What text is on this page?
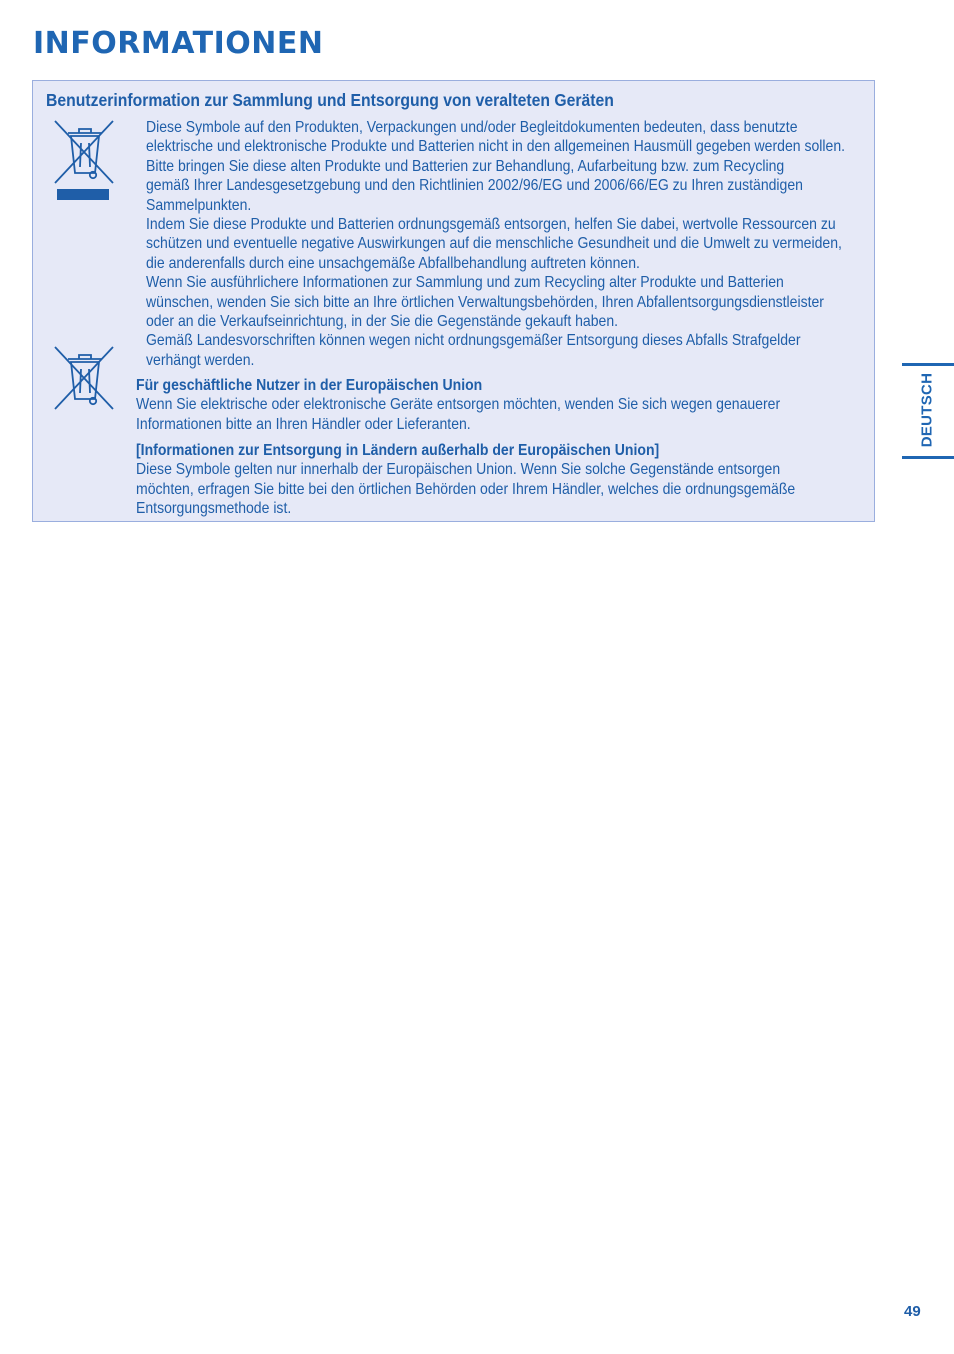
INFORMATIONEN
Benutzerinformation zur Sammlung und Entsorgung von veralteten Geräten

Diese Symbole auf den Produkten, Verpackungen und/oder Begleitdokumenten bedeuten, dass benutzte

elektrische und elektronische Produkte und Batterien nicht in den allgemeinen Hausmüll gegeben werden sollen.

Bitte bringen Sie diese alten Produkte und Batterien zur Behandlung, Aufarbeitung bzw. zum Recycling

gemäß Ihrer Landesgesetzgebung und den Richtlinien 2002/96/EG und 2006/66/EG zu Ihren zuständigen

Sammelpunkten.

Indem Sie diese Produkte und Batterien ordnungsgemäß entsorgen, helfen Sie dabei, wertvolle Ressourcen zu

schützen und eventuelle negative Auswirkungen auf die menschliche Gesundheit und die Umwelt zu vermeiden,

die anderenfalls durch eine unsachgemäße Abfallbehandlung auftreten können.

Wenn Sie ausführlichere Informationen zur Sammlung und zum Recycling alter Produkte und Batterien

wünschen, wenden Sie sich bitte an Ihre örtlichen Verwaltungsbehörden, Ihren Abfallentsorgungsdienstleister

oder an die Verkaufseinrichtung, in der Sie die Gegenstände gekauft haben.

Gemäß Landesvorschriften können wegen nicht ordnungsgemäßer Entsorgung dieses Abfalls Strafgelder

verhängt werden.

Für geschäftliche Nutzer in der Europäischen Union

Wenn Sie elektrische oder elektronische Geräte entsorgen möchten, wenden Sie sich wegen genauerer

Informationen bitte an Ihren Händler oder Lieferanten.

[Informationen zur Entsorgung in Ländern außerhalb der Europäischen Union]

Diese Symbole gelten nur innerhalb der Europäischen Union. Wenn Sie solche Gegenstände entsorgen

möchten, erfragen Sie bitte bei den örtlichen Behörden oder Ihrem Händler, welches die ordnungsgemäße

Entsorgungsmethode ist.

DEUTSCH
49
